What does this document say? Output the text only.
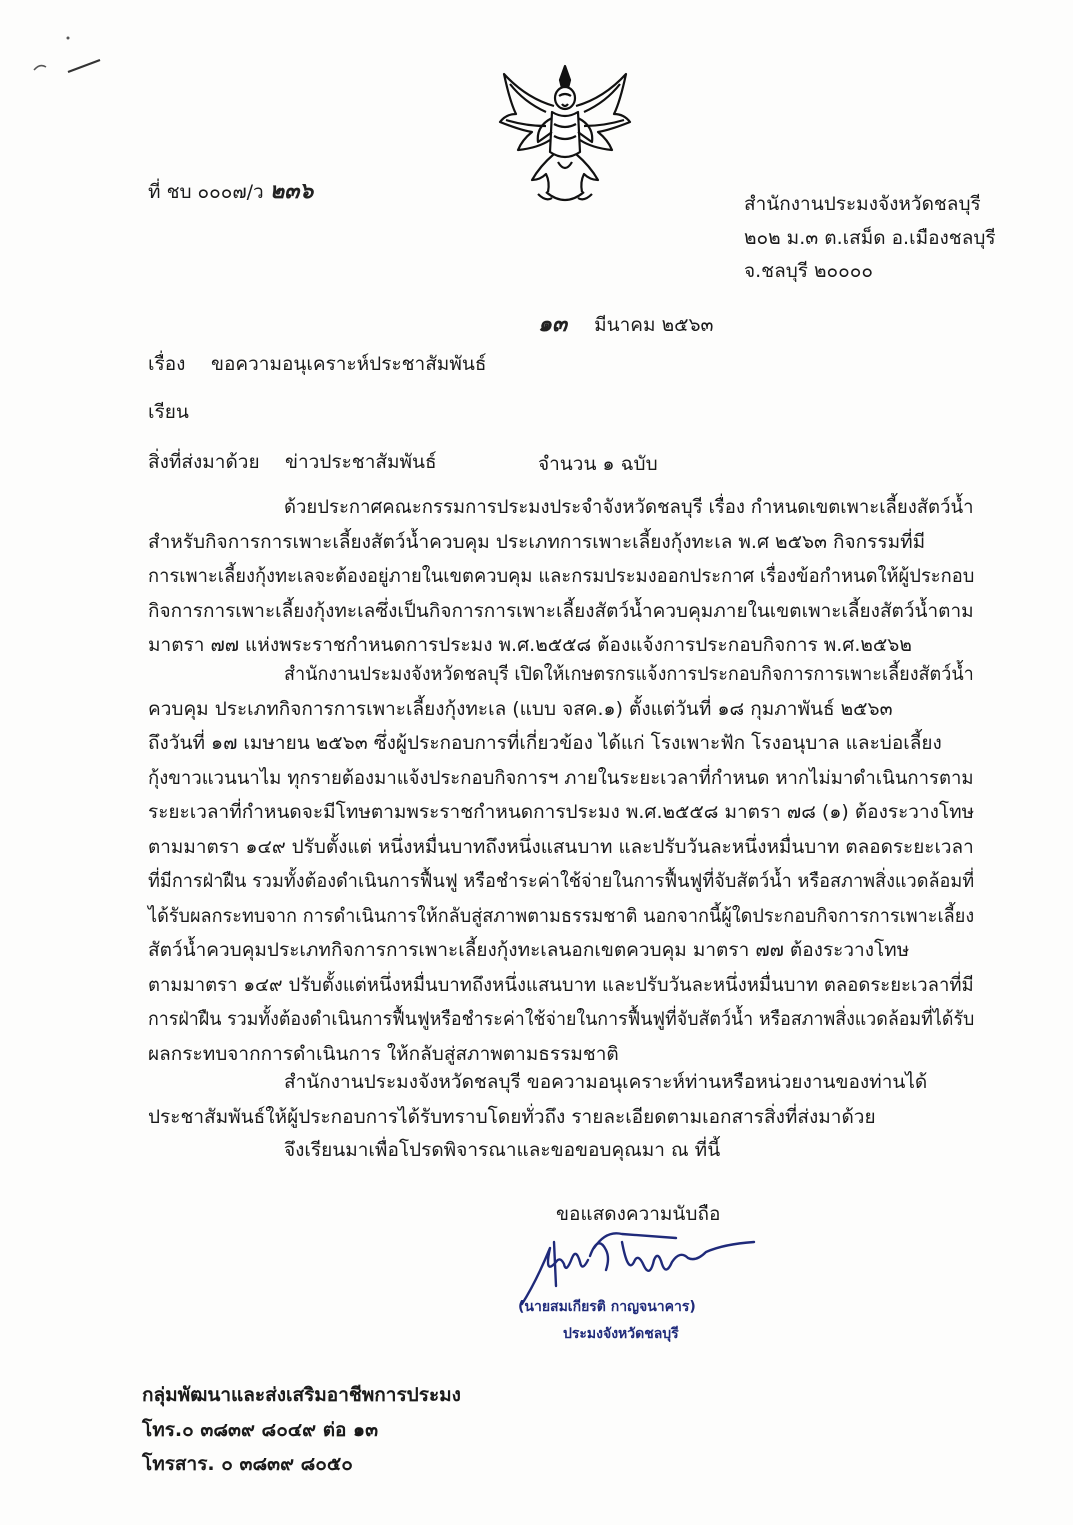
ที่ ชบ ๐๐๐๗/ว ๒๓๖	สำนักงานประมงจังหวัดชลบุรี
๒๐๒ ม.๓ ต.เสม็ด อ.เมืองชลบุรี
จ.ชลบุรี ๒๐๐๐๐
๑๓ มีนาคม ๒๕๖๓
เรื่อง ขอความอนุเคราะห์ประชาสัมพันธ์
เรียน
สิ่งที่ส่งมาด้วย ข่าวประชาสัมพันธ์	จำนวน ๑ ฉบับ
ด้วยประกาศคณะกรรมการประมงประจำจังหวัดชลบุรี เรื่อง กำหนดเขตเพาะเลี้ยงสัตว์น้ำ
สำหรับกิจการการเพาะเลี้ยงสัตว์น้ำควบคุม ประเภทการเพาะเลี้ยงกุ้งทะเล พ.ศ ๒๕๖๓ กิจกรรมที่มี
การเพาะเลี้ยงกุ้งทะเลจะต้องอยู่ภายในเขตควบคุม และกรมประมงออกประกาศ เรื่องข้อกำหนดให้ผู้ประกอบ
กิจการการเพาะเลี้ยงกุ้งทะเลซึ่งเป็นกิจการการเพาะเลี้ยงสัตว์น้ำควบคุมภายในเขตเพาะเลี้ยงสัตว์น้ำตาม
มาตรา ๗๗ แห่งพระราชกำหนดการประมง พ.ศ.๒๕๕๘ ต้องแจ้งการประกอบกิจการ พ.ศ.๒๕๖๒
สำนักงานประมงจังหวัดชลบุรี เปิดให้เกษตรกรแจ้งการประกอบกิจการการเพาะเลี้ยงสัตว์น้ำ
ควบคุม ประเภทกิจการการเพาะเลี้ยงกุ้งทะเล (แบบ จสค.๑) ตั้งแต่วันที่ ๑๘ กุมภาพันธ์ ๒๕๖๓
ถึงวันที่ ๑๗ เมษายน ๒๕๖๓ ซึ่งผู้ประกอบการที่เกี่ยวข้อง ได้แก่ โรงเพาะฟัก โรงอนุบาล และบ่อเลี้ยง
กุ้งขาวแวนนาไม ทุกรายต้องมาแจ้งประกอบกิจการฯ ภายในระยะเวลาที่กำหนด หากไม่มาดำเนินการตาม
ระยะเวลาที่กำหนดจะมีโทษตามพระราชกำหนดการประมง พ.ศ.๒๕๕๘ มาตรา ๗๘ (๑) ต้องระวางโทษ
ตามมาตรา ๑๔๙ ปรับตั้งแต่ หนึ่งหมื่นบาทถึงหนึ่งแสนบาท และปรับวันละหนึ่งหมื่นบาท ตลอดระยะเวลา
ที่มีการฝ่าฝืน รวมทั้งต้องดำเนินการฟื้นฟู หรือชำระค่าใช้จ่ายในการฟื้นฟูที่จับสัตว์น้ำ หรือสภาพสิ่งแวดล้อมที่
ได้รับผลกระทบจาก การดำเนินการให้กลับสู่สภาพตามธรรมชาติ นอกจากนี้ผู้ใดประกอบกิจการการเพาะเลี้ยง
สัตว์น้ำควบคุมประเภทกิจการการเพาะเลี้ยงกุ้งทะเลนอกเขตควบคุม มาตรา ๗๗ ต้องระวางโทษ
ตามมาตรา ๑๔๙ ปรับตั้งแต่หนึ่งหมื่นบาทถึงหนึ่งแสนบาท และปรับวันละหนึ่งหมื่นบาท ตลอดระยะเวลาที่มี
การฝ่าฝืน รวมทั้งต้องดำเนินการฟื้นฟูหรือชำระค่าใช้จ่ายในการฟื้นฟูที่จับสัตว์น้ำ หรือสภาพสิ่งแวดล้อมที่ได้รับ
ผลกระทบจากการดำเนินการ ให้กลับสู่สภาพตามธรรมชาติ
สำนักงานประมงจังหวัดชลบุรี ขอความอนุเคราะห์ท่านหรือหน่วยงานของท่านได้
ประชาสัมพันธ์ให้ผู้ประกอบการได้รับทราบโดยทั่วถึง รายละเอียดตามเอกสารสิ่งที่ส่งมาด้วย
จึงเรียนมาเพื่อโปรดพิจารณาและขอขอบคุณมา ณ ที่นี้
ขอแสดงความนับถือ
(นายสมเกียรติ กาญจนาคาร)
ประมงจังหวัดชลบุรี
กลุ่มพัฒนาและส่งเสริมอาชีพการประมง
โทร.๐ ๓๘๓๙ ๘๐๔๙ ต่อ ๑๓
โทรสาร. ๐ ๓๘๓๙ ๘๐๕๐
